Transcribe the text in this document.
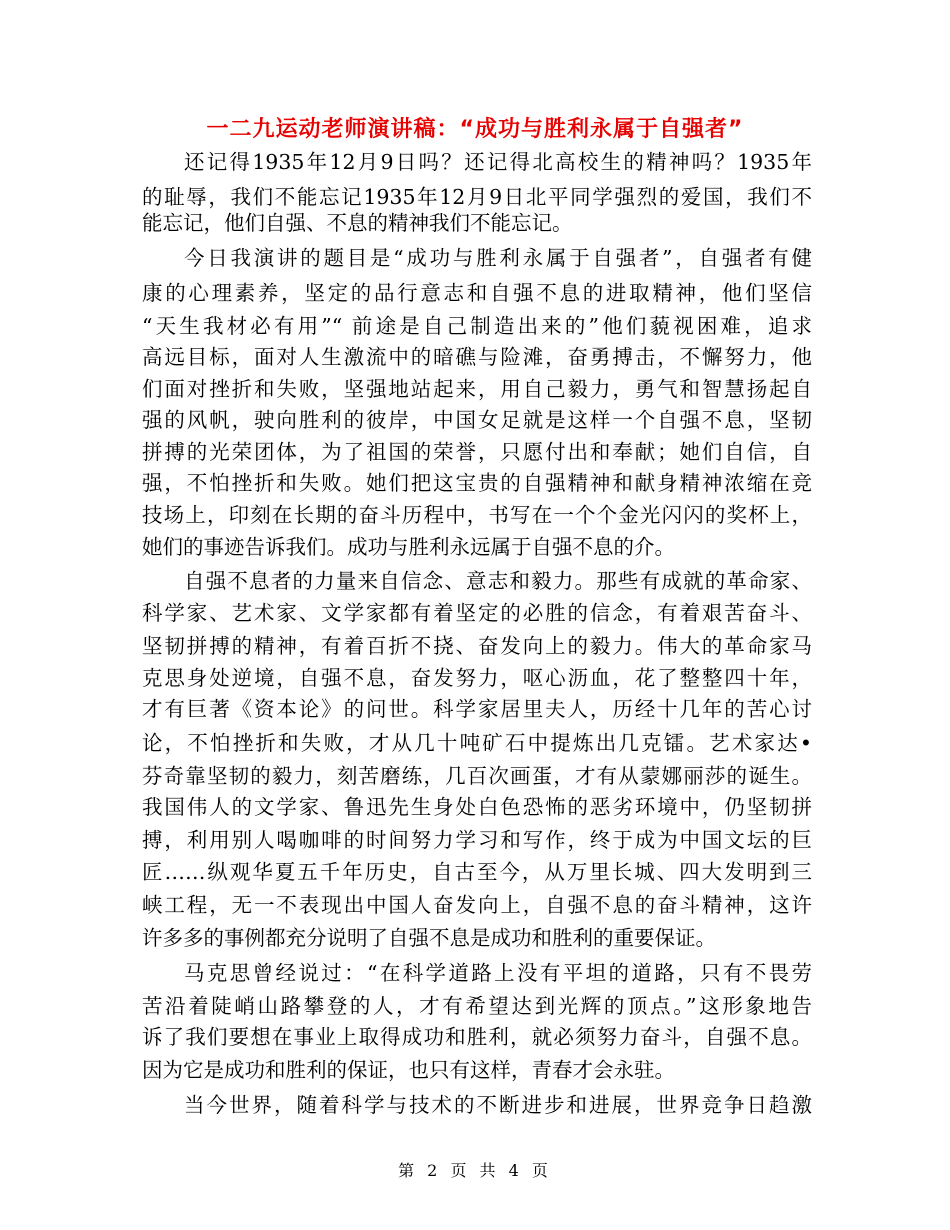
一二九运动老师演讲稿：“成功与胜利永属于自强者”
还记得1935年12月9日吗？还记得北高校生的精神吗？1935年
的耻辱，我们不能忘记1935年12月9日北平同学强烈的爱国，我们不
能忘记，他们自强、不息的精神我们不能忘记。
今日我演讲的题目是“成功与胜利永属于自强者”，自强者有健
康的心理素养，坚定的品行意志和自强不息的进取精神，他们坚信
“天生我材必有用”“ 前途是自己制造出来的”他们藐视困难，追求
高远目标，面对人生激流中的暗礁与险滩，奋勇搏击，不懈努力，他
们面对挫折和失败，坚强地站起来，用自己毅力，勇气和智慧扬起自
强的风帆，驶向胜利的彼岸，中国女足就是这样一个自强不息，坚韧
拼搏的光荣团体，为了祖国的荣誉，只愿付出和奉献；她们自信，自
强，不怕挫折和失败。她们把这宝贵的自强精神和献身精神浓缩在竞
技场上，印刻在长期的奋斗历程中，书写在一个个金光闪闪的奖杯上，
她们的事迹告诉我们。成功与胜利永远属于自强不息的介。
自强不息者的力量来自信念、意志和毅力。那些有成就的革命家、
科学家、艺术家、文学家都有着坚定的必胜的信念，有着艰苦奋斗、
坚韧拼搏的精神，有着百折不挠、奋发向上的毅力。伟大的革命家马
克思身处逆境，自强不息，奋发努力，呕心沥血，花了整整四十年，
才有巨著《资本论》的问世。科学家居里夫人，历经十几年的苦心讨
论，不怕挫折和失败，才从几十吨矿石中提炼出几克镭。艺术家达•
芬奇靠坚韧的毅力，刻苦磨练，几百次画蛋，才有从蒙娜丽莎的诞生。
我国伟人的文学家、鲁迅先生身处白色恐怖的恶劣环境中，仍坚韧拼
搏，利用别人喝咖啡的时间努力学习和写作，终于成为中国文坛的巨
匠……纵观华夏五千年历史，自古至今，从万里长城、四大发明到三
峡工程，无一不表现出中国人奋发向上，自强不息的奋斗精神，这许
许多多的事例都充分说明了自强不息是成功和胜利的重要保证。
马克思曾经说过：“在科学道路上没有平坦的道路，只有不畏劳
苦沿着陡峭山路攀登的人，才有希望达到光辉的顶点。”这形象地告
诉了我们要想在事业上取得成功和胜利，就必须努力奋斗，自强不息。
因为它是成功和胜利的保证，也只有这样，青春才会永驻。
当今世界，随着科学与技术的不断进步和进展，世界竞争日趋激
第 2 页 共 4 页
